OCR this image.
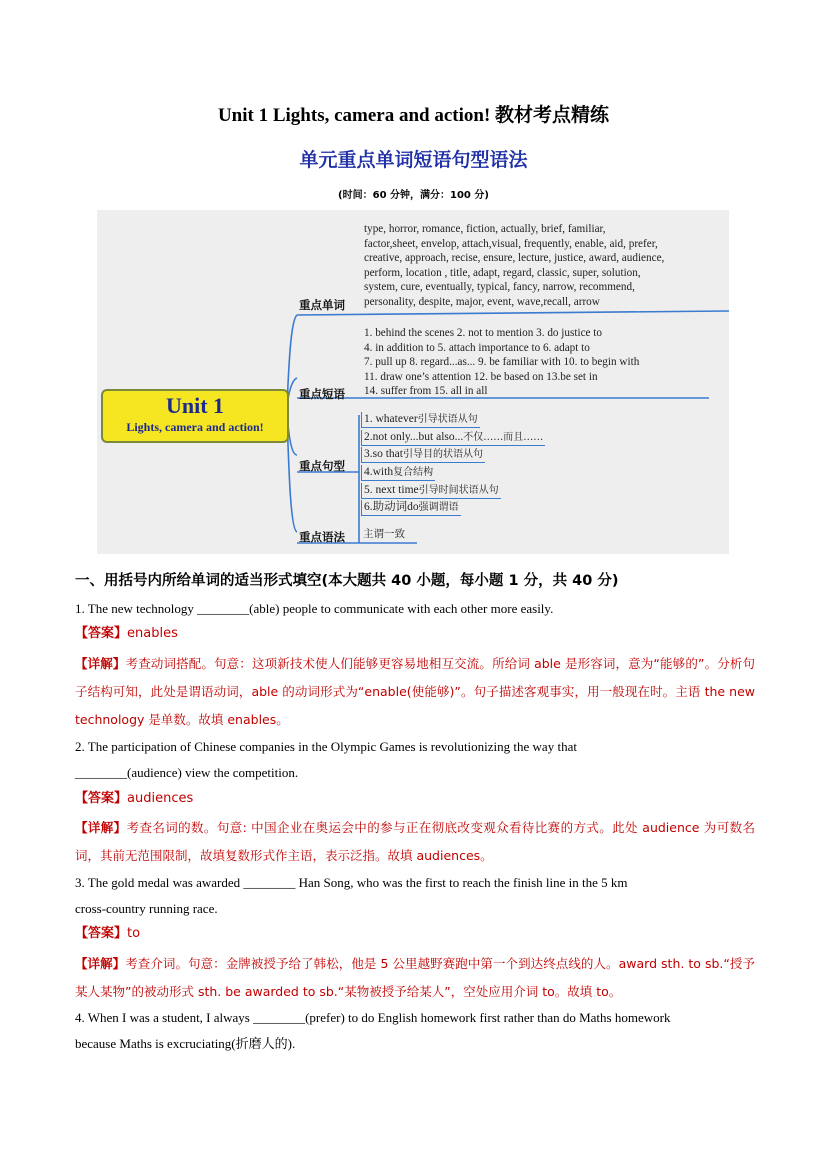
Unit 1 Lights, camera and action! 教材考点精练
单元重点单词短语句型语法
(时间：60 分钟，满分：100 分)
Unit 1
Lights, camera and action!
重点单词
重点短语
重点句型
重点语法
type, horror, romance, fiction, actually, brief, familiar,
factor,sheet, envelop, attach,visual, frequently, enable, aid, prefer,
creative, approach, recise, ensure, lecture, justice, award, audience,
perform, location , title, adapt, regard, classic, super, solution,
system, cure, eventually, typical, fancy, narrow, recommend,
personality, despite, major, event, wave,recall, arrow
1. behind the scenes 2. not to mention 3. do justice to
4. in addition to 5. attach importance to 6. adapt to
7. pull up 8. regard...as... 9. be familiar with 10. to begin with
11. draw one’s attention 12. be based on 13.be set in
14. suffer from 15. all in all
1. whatever引导状语从句
2.not only...but also...不仅……而且……
3.so that引导目的状语从句
4.with复合结构
5. next time引导时间状语从句
6.助动词do强调谓语
主谓一致
一、用括号内所给单词的适当形式填空(本大题共 40 小题，每小题 1 分，共 40 分)
1. The new technology ________(able) people to communicate with each other more easily.
【答案】enables
【详解】考查动词搭配。句意：这项新技术使人们能够更容易地相互交流。所给词 able 是形容词，意为“能够的”。分析句子结构可知，此处是谓语动词，able 的动词形式为“enable(使能够)”。句子描述客观事实，用一般现在时。主语 the new technology 是单数。故填 enables。
2. The participation of Chinese companies in the Olympic Games is revolutionizing the way that
________(audience) view the competition.
【答案】audiences
【详解】考查名词的数。句意: 中国企业在奥运会中的参与正在彻底改变观众看待比赛的方式。此处 audience 为可数名词，其前无范围限制，故填复数形式作主语，表示泛指。故填 audiences。
3. The gold medal was awarded ________ Han Song, who was the first to reach the finish line in the 5 km
cross-country running race.
【答案】to
【详解】考查介词。句意：金牌被授予给了韩松，他是 5 公里越野赛跑中第一个到达终点线的人。award sth. to sb.“授予某人某物”的被动形式 sth. be awarded to sb.“某物被授予给某人”，空处应用介词 to。故填 to。
4. When I was a student, I always ________(prefer) to do English homework first rather than do Maths homework
because Maths is excruciating(折磨人的).
